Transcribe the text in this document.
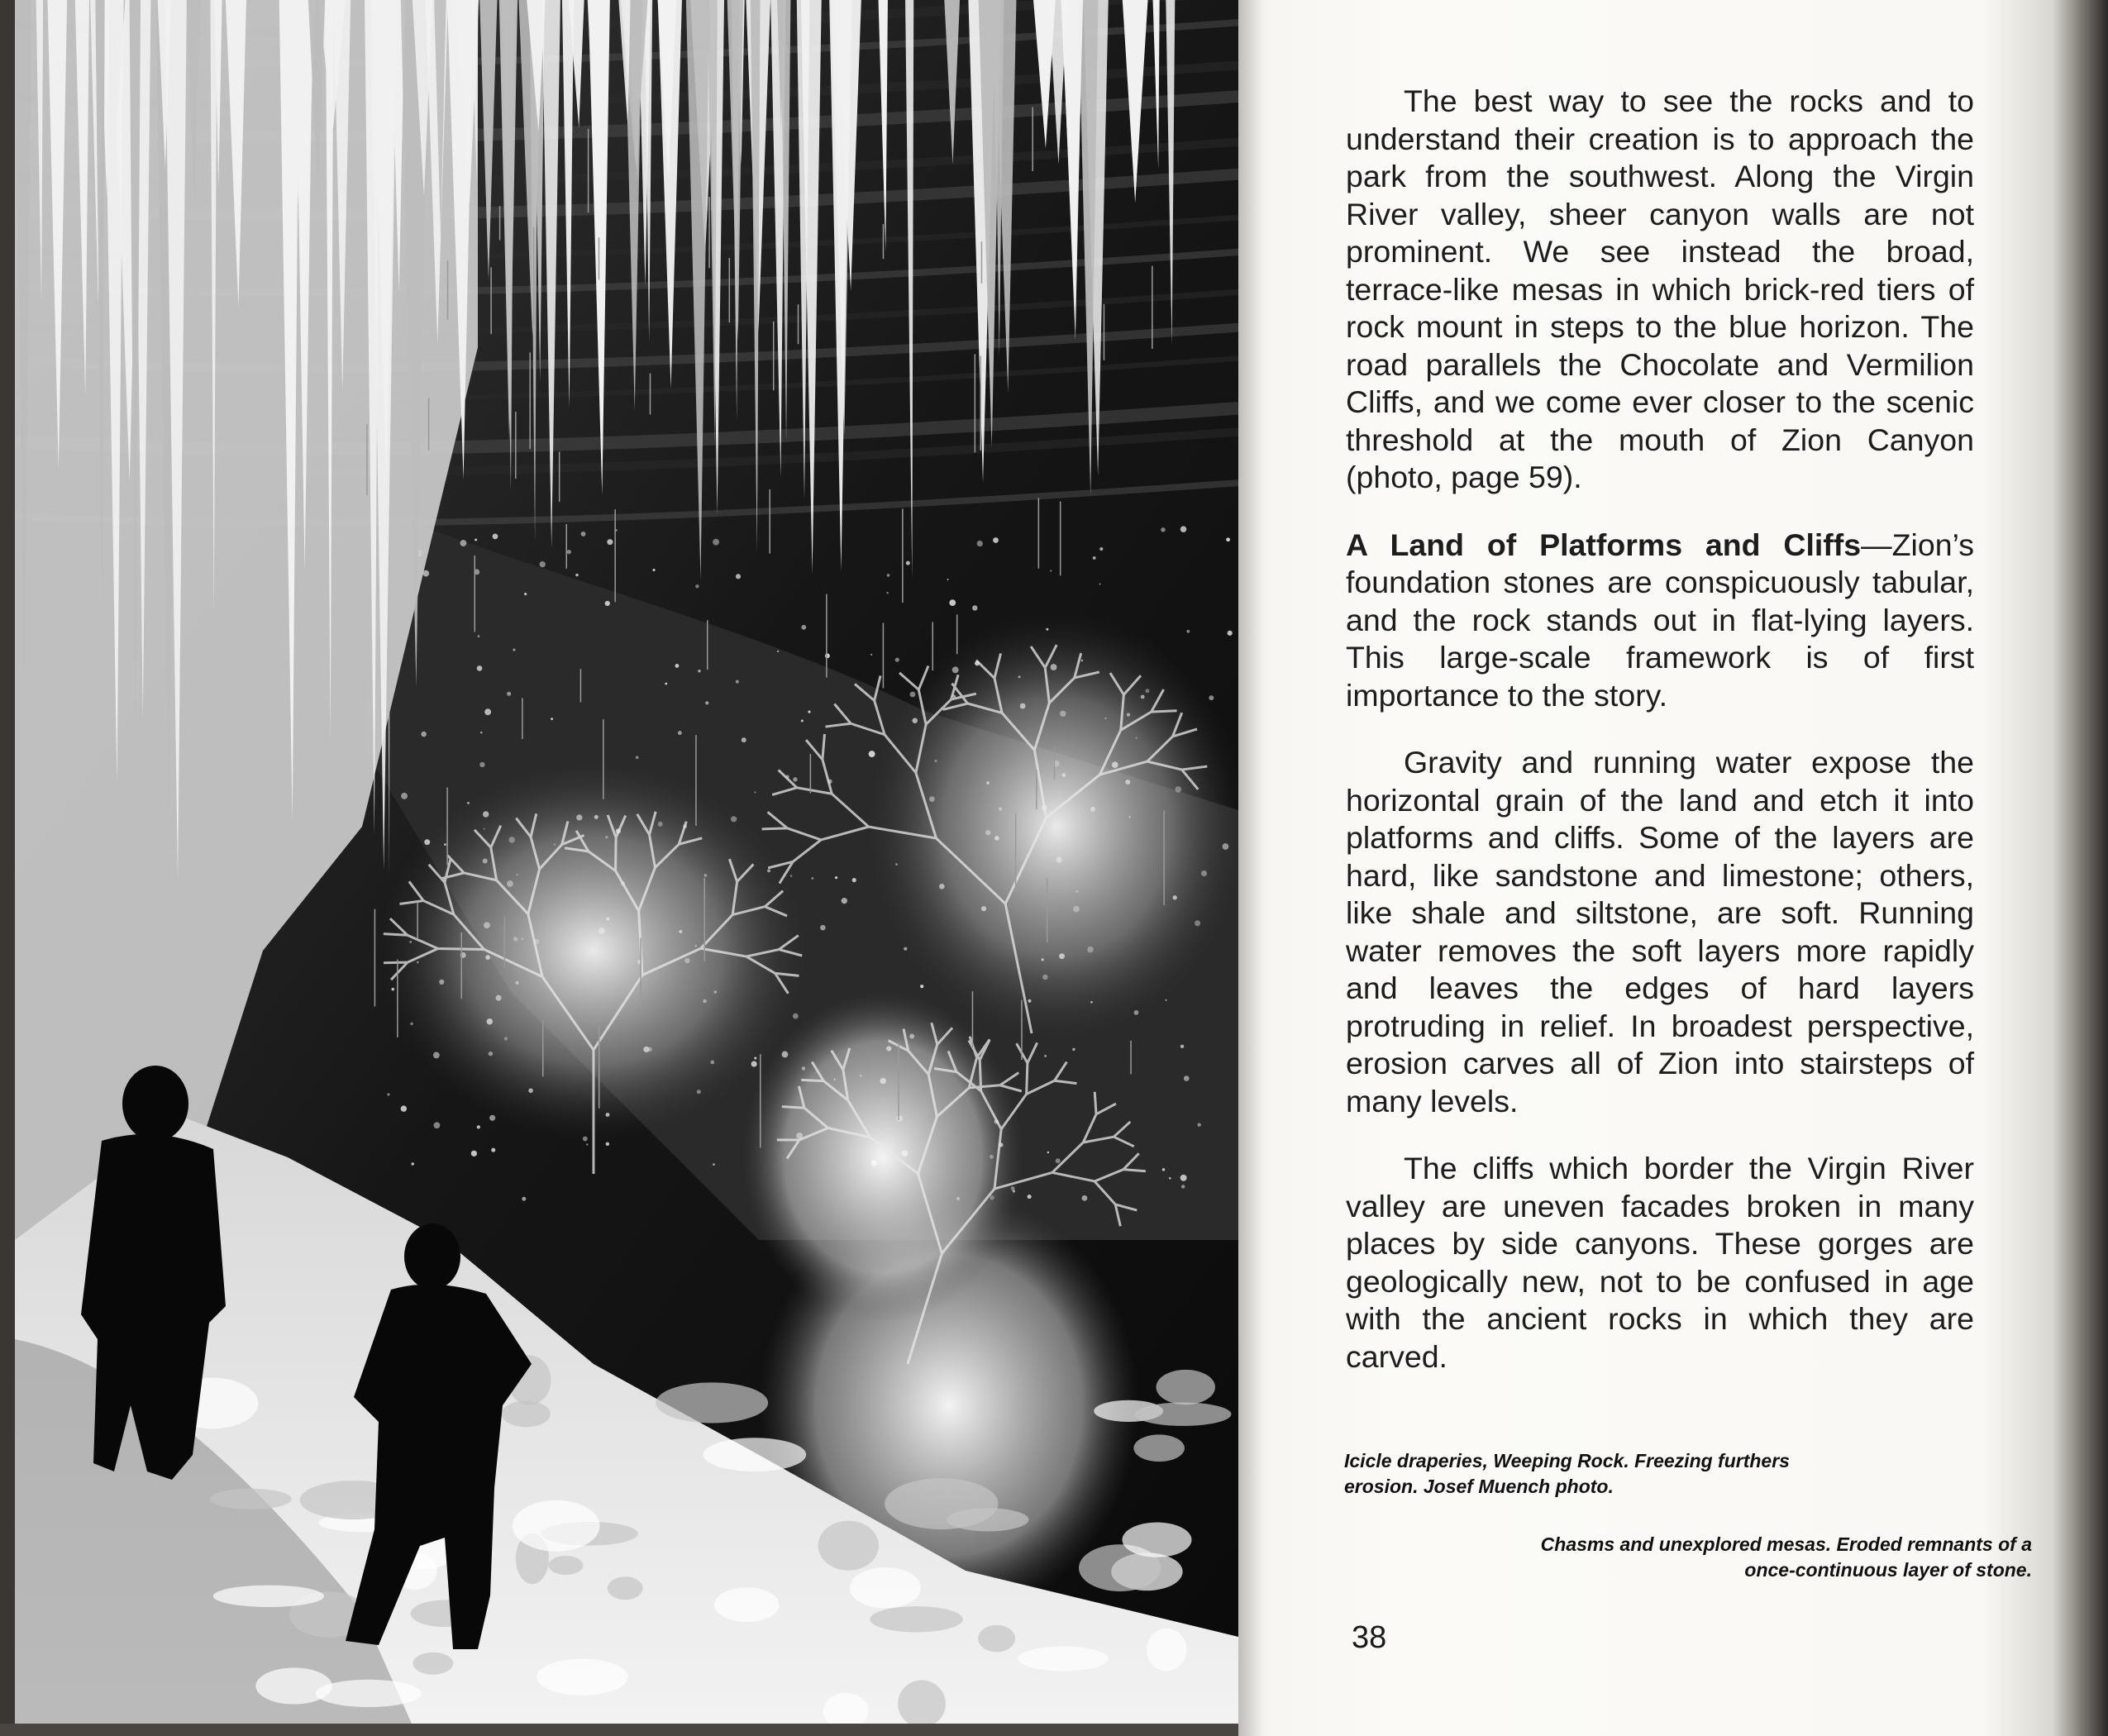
The best way to see the rocks and to understand their creation is to approach the park from the southwest. Along the Virgin River valley, sheer canyon walls are not prominent. We see instead the broad, terrace-like mesas in which brick-red tiers of rock mount in steps to the blue horizon. The road parallels the Chocolate and Vermilion Cliffs, and we come ever closer to the scenic threshold at the mouth of Zion Canyon (photo, page 59).

A Land of Platforms and Cliffs—Zion’s foundation stones are conspicuously tabular, and the rock stands out in flat-lying layers. This large-scale framework is of first importance to the story.

Gravity and running water expose the horizontal grain of the land and etch it into platforms and cliffs. Some of the layers are hard, like sandstone and limestone; others, like shale and siltstone, are soft. Running water removes the soft layers more rapidly and leaves the edges of hard layers protruding in relief. In broadest perspective, erosion carves all of Zion into stairsteps of many levels.

The cliffs which border the Virgin River valley are uneven facades broken in many places by side canyons. These gorges are geologically new, not to be confused in age with the ancient rocks in which they are carved.

Icicle draperies, Weeping Rock. Freezing furthers erosion. Josef Muench photo.
Chasms and unexplored mesas. Eroded remnants of a once-continuous layer of stone.
38
